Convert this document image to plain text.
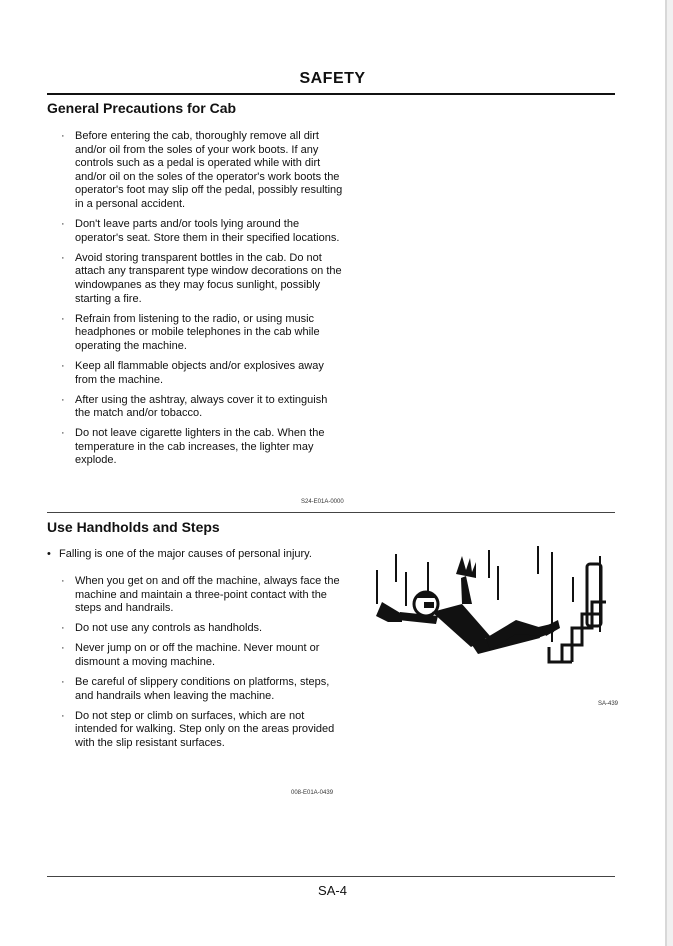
SAFETY
General Precautions for Cab
· Before entering the cab, thoroughly remove all dirt and/or oil from the soles of your work boots. If any controls such as a pedal is operated while with dirt and/or oil on the soles of the operator's work boots the operator's foot may slip off the pedal, possibly resulting in a personal accident.
· Don't leave parts and/or tools lying around the operator's seat. Store them in their specified locations.
· Avoid storing transparent bottles in the cab. Do not attach any transparent type window decorations on the windowpanes as they may focus sunlight, possibly starting a fire.
· Refrain from listening to the radio, or using music headphones or mobile telephones in the cab while operating the machine.
· Keep all flammable objects and/or explosives away from the machine.
· After using the ashtray, always cover it to extinguish the match and/or tobacco.
· Do not leave cigarette lighters in the cab. When the temperature in the cab increases, the lighter may explode.
S24-E01A-0000
Use Handholds and Steps
• Falling is one of the major causes of personal injury.
· When you get on and off the machine, always face the machine and maintain a three-point contact with the steps and handrails.
· Do not use any controls as handholds.
· Never jump on or off the machine. Never mount or dismount a moving machine.
· Be careful of slippery conditions on platforms, steps, and handrails when leaving the machine.
· Do not step or climb on surfaces, which are not intended for walking. Step only on the areas provided with the slip resistant surfaces.
008-E01A-0439
SA-439
SA-4
